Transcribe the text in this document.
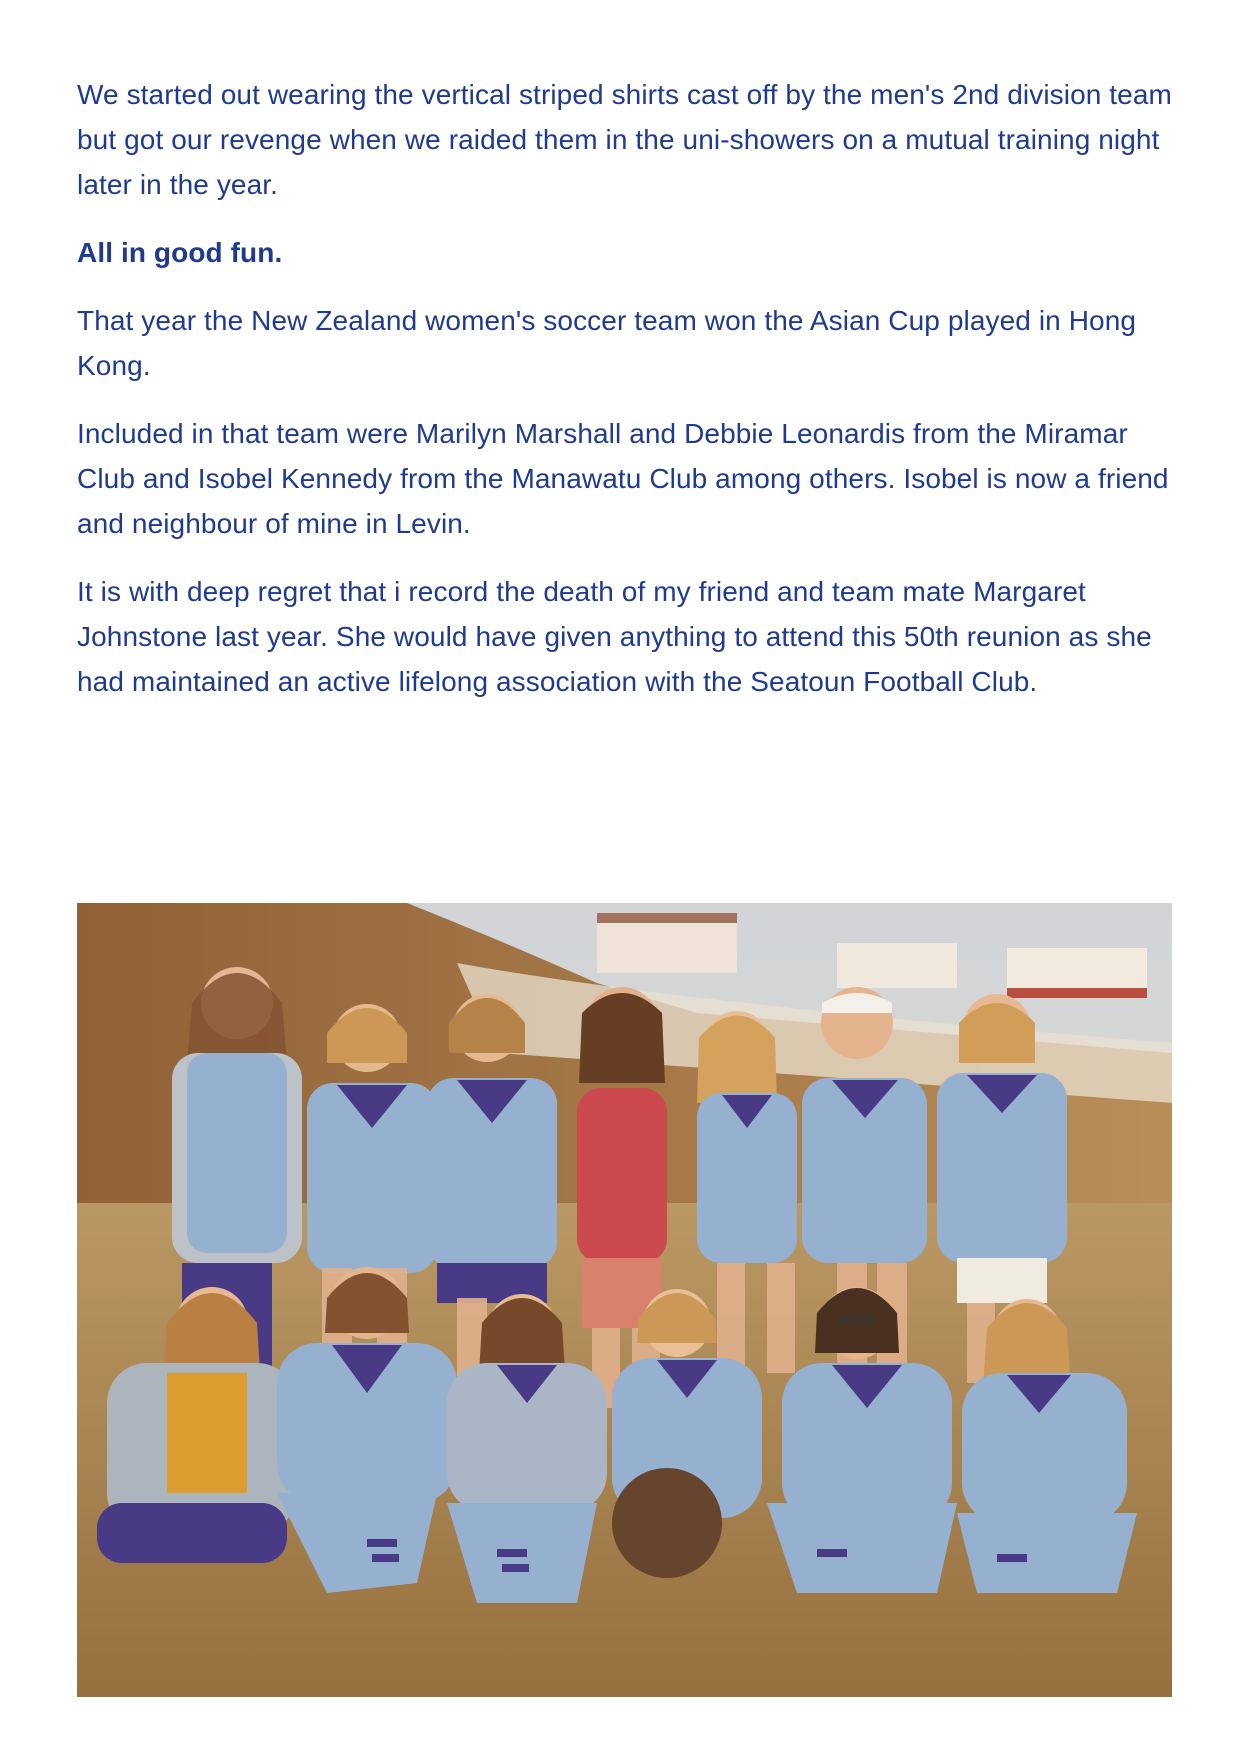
We started out wearing the vertical striped shirts cast off by the men's 2nd division team but got our revenge when we raided them in the uni-showers on a mutual training night later in the year.

All in good fun.

That year the New Zealand women's soccer team won the Asian Cup played in Hong Kong.

Included in that team were Marilyn Marshall and Debbie Leonardis from the Miramar Club and Isobel Kennedy from the Manawatu Club among others. Isobel is now a friend and neighbour of mine in Levin.

It is with deep regret that i record the death of my friend and team mate Margaret Johnstone last year. She would have given anything to attend this 50th reunion as she had maintained an active lifelong association with the Seatoun Football Club.
